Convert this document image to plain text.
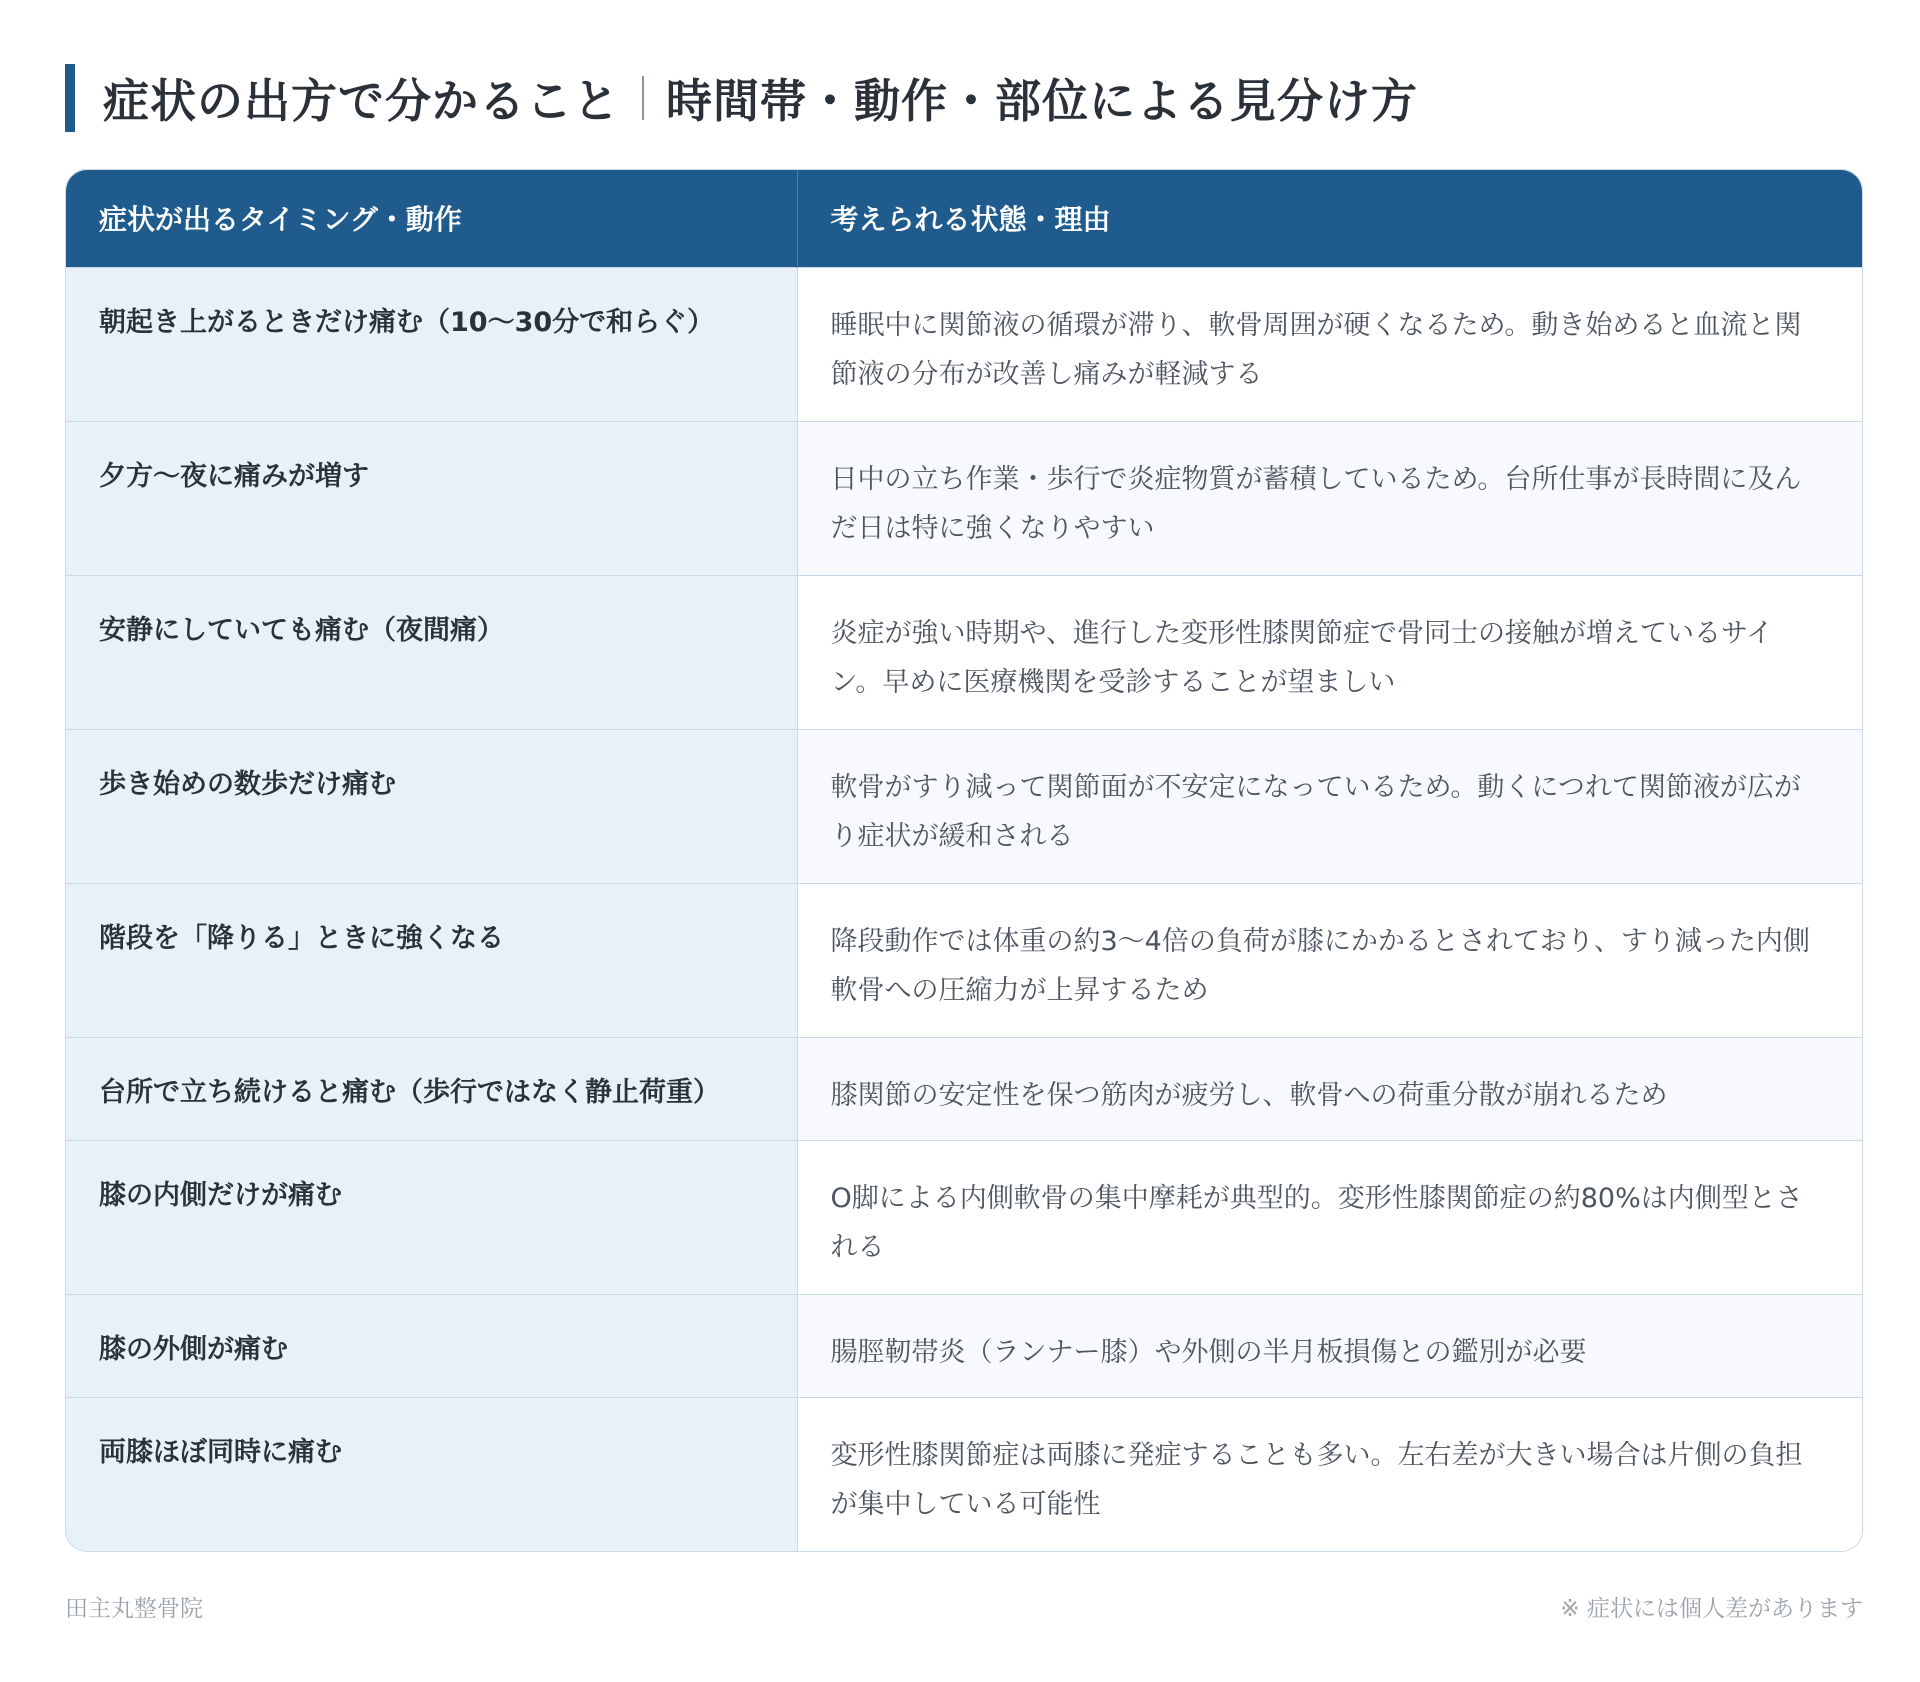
症状の出方で分かること 時間帯・動作・部位による見分け方
症状が出るタイミング・動作	考えられる状態・理由
朝起き上がるときだけ痛む（10〜30分で和らぐ）	睡眠中に関節液の循環が滞り、軟骨周囲が硬くなるため。動き始めると血流と関節液の分布が改善し痛みが軽減する
夕方〜夜に痛みが増す	日中の立ち作業・歩行で炎症物質が蓄積しているため。台所仕事が長時間に及んだ日は特に強くなりやすい
安静にしていても痛む（夜間痛）	炎症が強い時期や、進行した変形性膝関節症で骨同士の接触が増えているサイン。早めに医療機関を受診することが望ましい
歩き始めの数歩だけ痛む	軟骨がすり減って関節面が不安定になっているため。動くにつれて関節液が広がり症状が緩和される
階段を「降りる」ときに強くなる	降段動作では体重の約3〜4倍の負荷が膝にかかるとされており、すり減った内側軟骨への圧縮力が上昇するため
台所で立ち続けると痛む（歩行ではなく静止荷重）	膝関節の安定性を保つ筋肉が疲労し、軟骨への荷重分散が崩れるため
膝の内側だけが痛む	O脚による内側軟骨の集中摩耗が典型的。変形性膝関節症の約80%は内側型とされる
膝の外側が痛む	腸脛靭帯炎（ランナー膝）や外側の半月板損傷との鑑別が必要
両膝ほぼ同時に痛む	変形性膝関節症は両膝に発症することも多い。左右差が大きい場合は片側の負担が集中している可能性
田主丸整骨院	※ 症状には個人差があります
